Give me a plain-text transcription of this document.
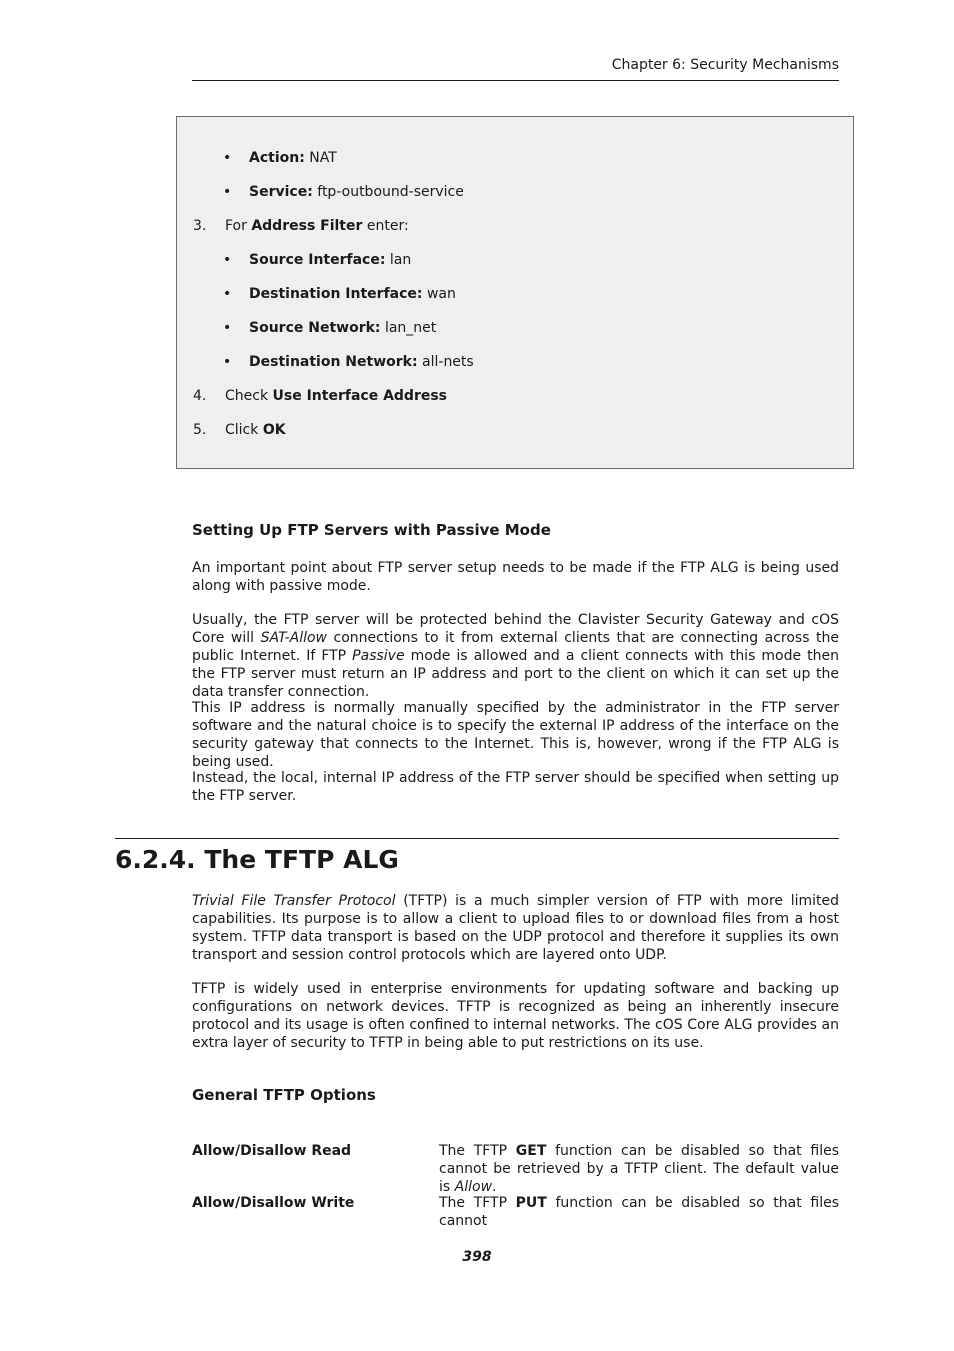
Chapter 6: Security Mechanisms
• Action: NAT
• Service: ftp-outbound-service
3. For Address Filter enter:
• Source Interface: lan
• Destination Interface: wan
• Source Network: lan_net
• Destination Network: all-nets
4. Check Use Interface Address
5. Click OK
Setting Up FTP Servers with Passive Mode
An important point about FTP server setup needs to be made if the FTP ALG is being used along with passive mode.
Usually, the FTP server will be protected behind the Clavister Security Gateway and cOS Core will SAT-Allow connections to it from external clients that are connecting across the public Internet. If FTP Passive mode is allowed and a client connects with this mode then the FTP server must return an IP address and port to the client on which it can set up the data transfer connection.
This IP address is normally manually specified by the administrator in the FTP server software and the natural choice is to specify the external IP address of the interface on the security gateway that connects to the Internet. This is, however, wrong if the FTP ALG is being used.
Instead, the local, internal IP address of the FTP server should be specified when setting up the FTP server.
6.2.4. The TFTP ALG
Trivial File Transfer Protocol (TFTP) is a much simpler version of FTP with more limited capabilities. Its purpose is to allow a client to upload files to or download files from a host system. TFTP data transport is based on the UDP protocol and therefore it supplies its own transport and session control protocols which are layered onto UDP.
TFTP is widely used in enterprise environments for updating software and backing up configurations on network devices. TFTP is recognized as being an inherently insecure protocol and its usage is often confined to internal networks. The cOS Core ALG provides an extra layer of security to TFTP in being able to put restrictions on its use.
General TFTP Options
Allow/Disallow Read	The TFTP GET function can be disabled so that files cannot be retrieved by a TFTP client. The default value is Allow.
Allow/Disallow Write	The TFTP PUT function can be disabled so that files cannot
398
